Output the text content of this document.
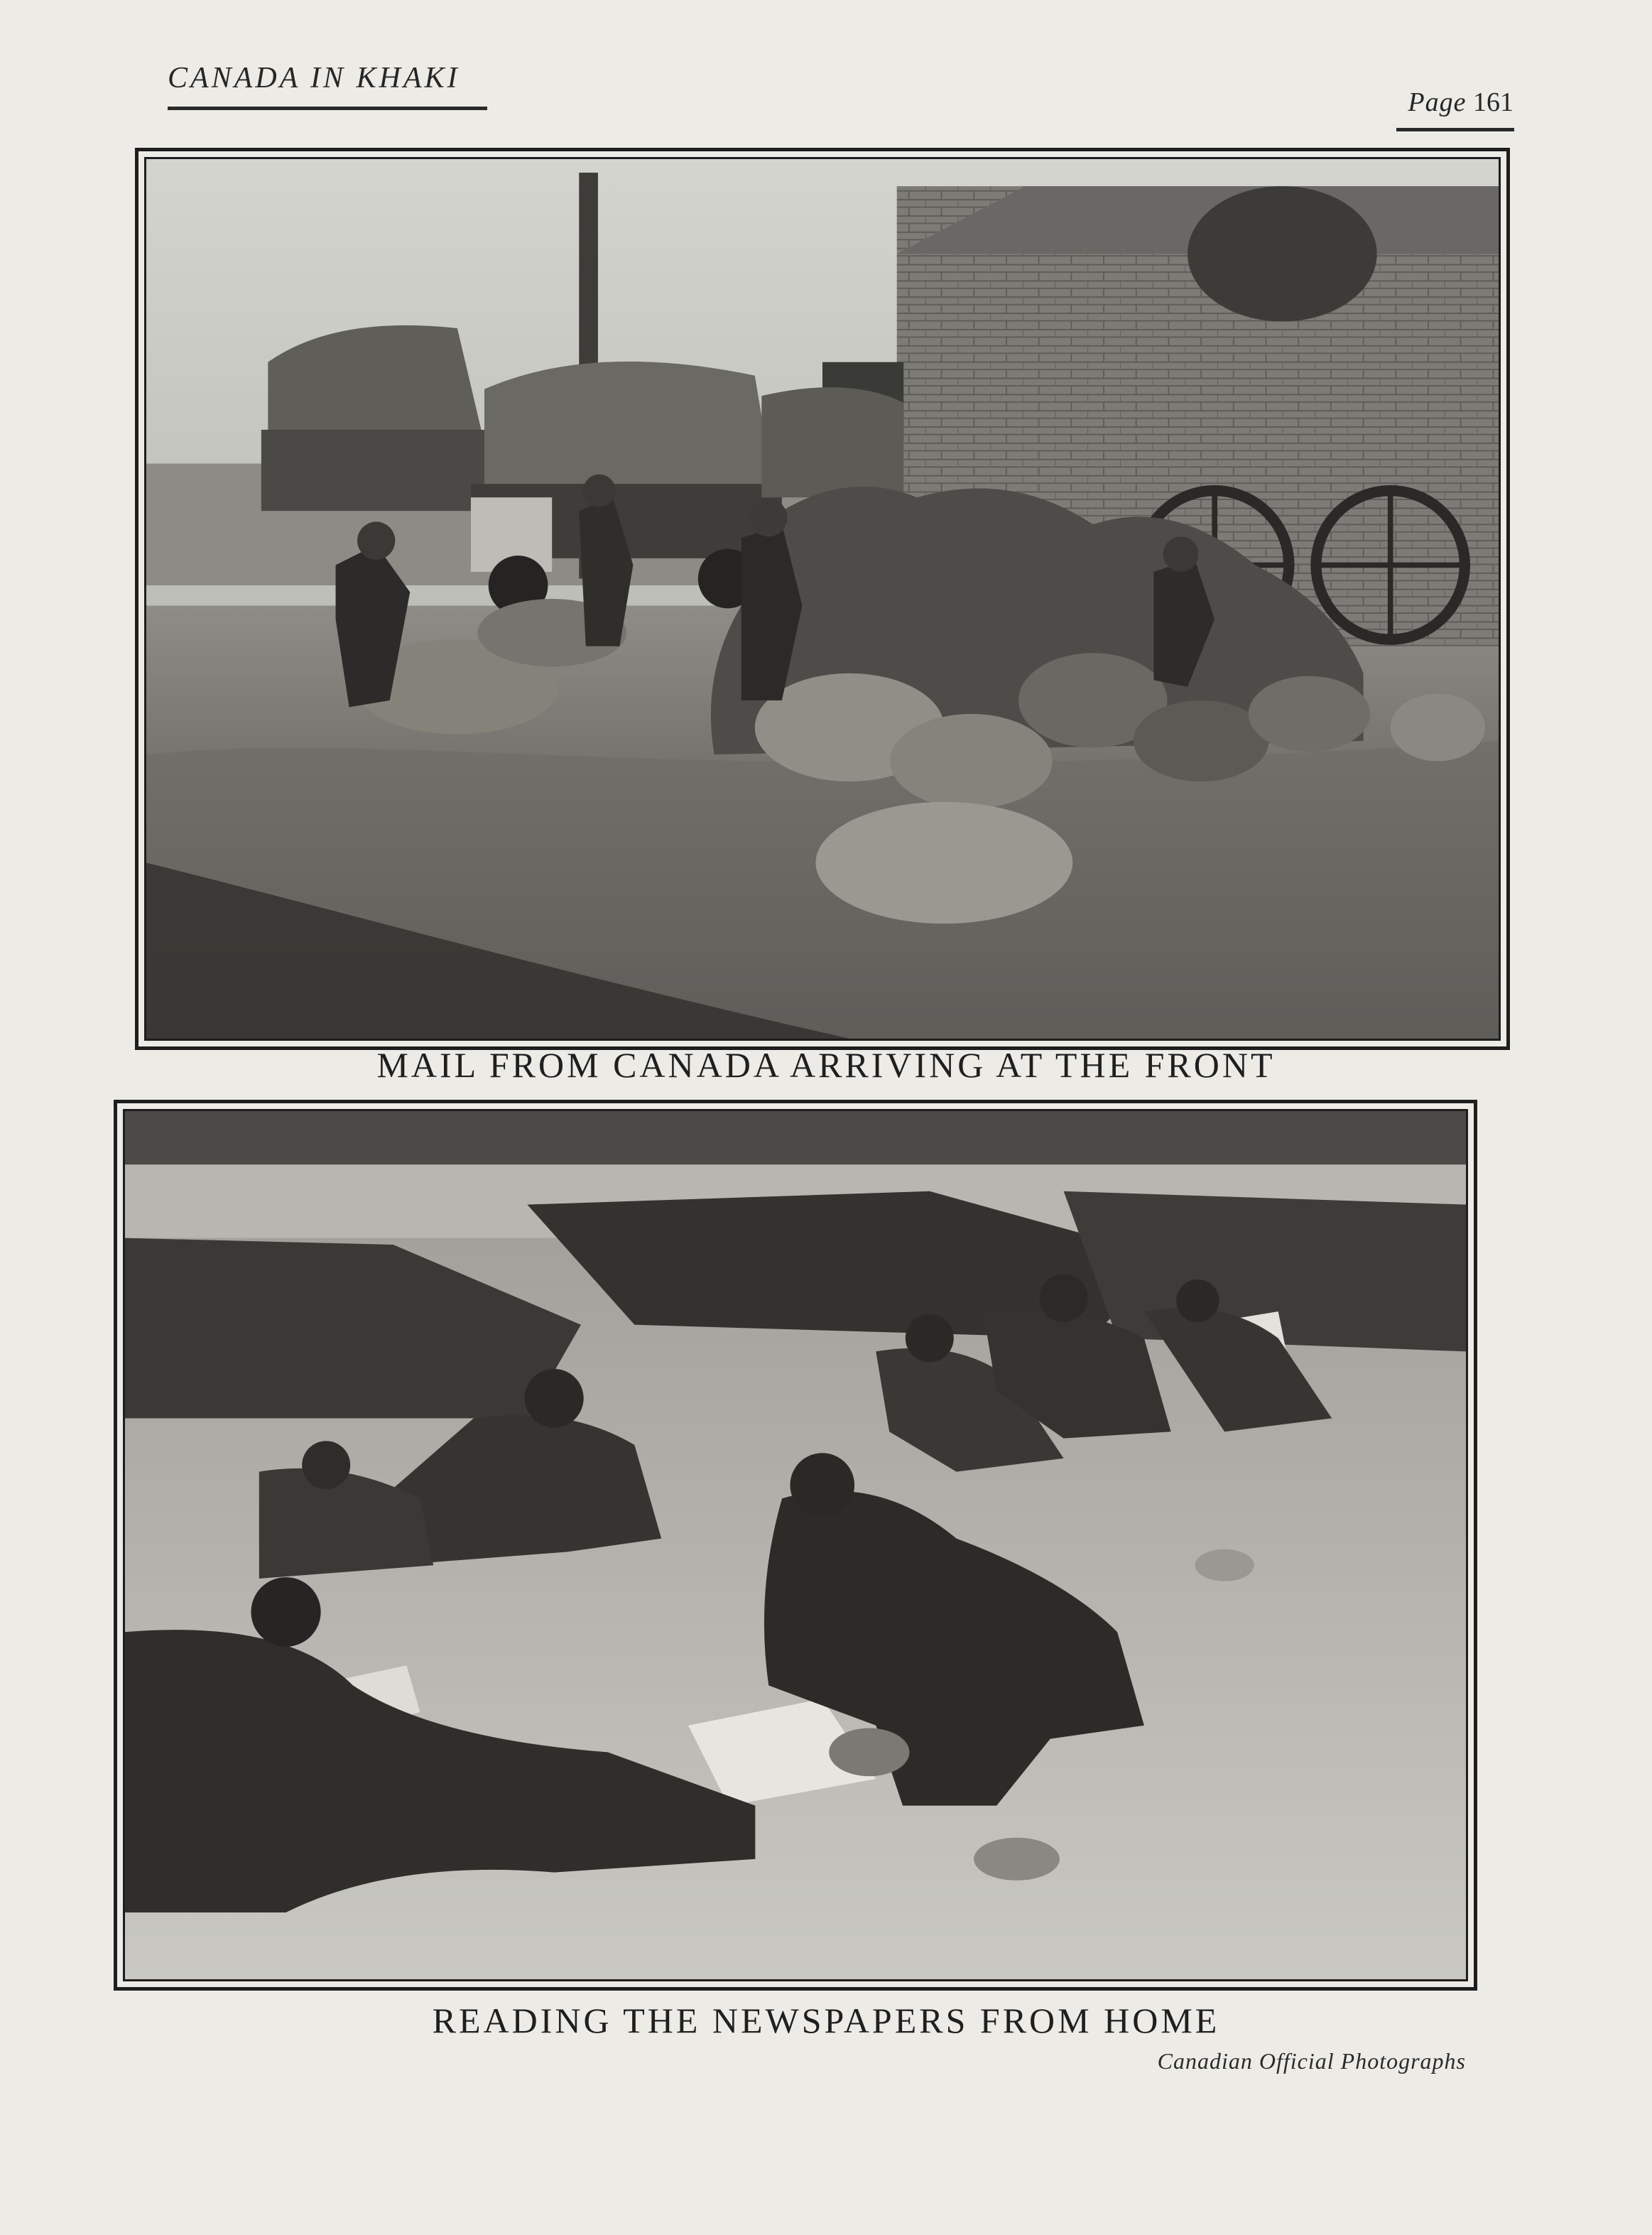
CANADA IN KHAKI
Page 161
MAIL FROM CANADA ARRIVING AT THE FRONT
READING THE NEWSPAPERS FROM HOME
Canadian Official Photographs
